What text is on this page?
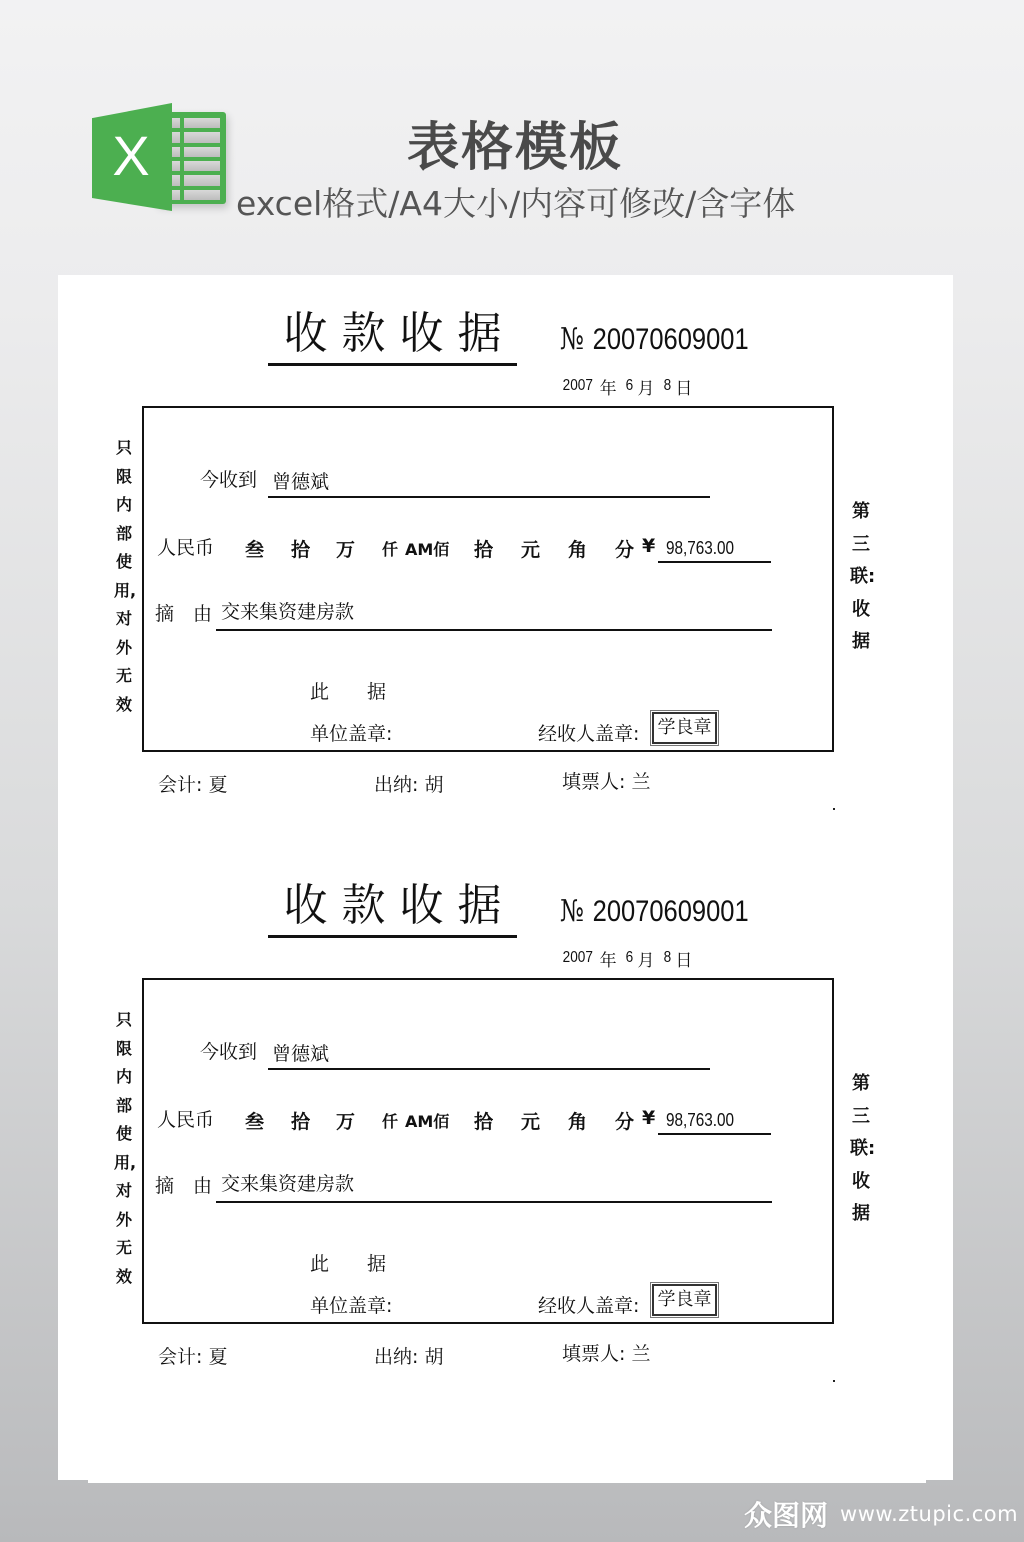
X	表格模板
excel格式/A4大小/内容可修改/含字体
收款收据 № 20070609001
2007 年 6 月 8 日
只
限
内
部
使
用,
对
外
无
效
第
三
联:
收
据
今收到 曾德斌
人民币 叁 拾 万 仟 AM佰 拾 元 角 分 ¥ 98,763.00
摘　由 交来集资建房款
此　　据
单位盖章:	经收人盖章:	学良章
会计: 夏	出纳: 胡	填票人: 兰
收款收据 № 20070609001
2007 年 6 月 8 日
只
限
内
部
使
用,
对
外
无
效
第
三
联:
收
据
今收到 曾德斌
人民币 叁 拾 万 仟 AM佰 拾 元 角 分 ¥ 98,763.00
摘　由 交来集资建房款
此　　据
单位盖章:	经收人盖章:	学良章
会计: 夏	出纳: 胡	填票人: 兰
众图网 www.ztupic.com
